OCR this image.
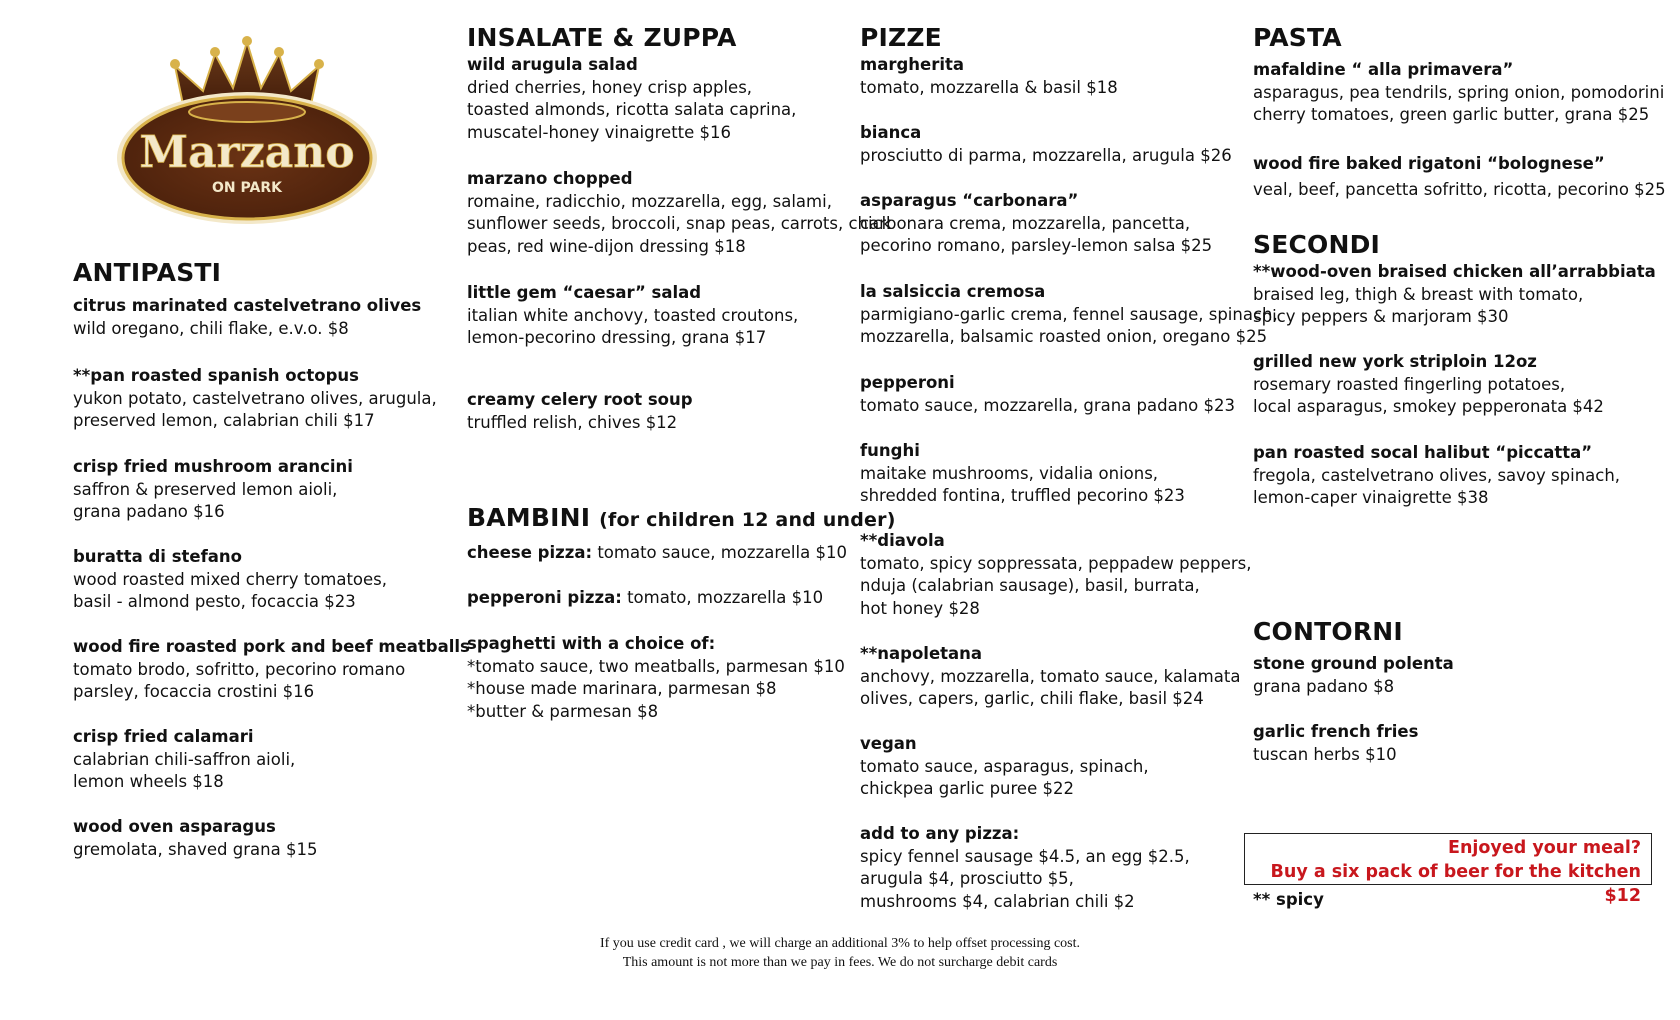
Marzano
ON PARK
ANTIPASTI
citrus marinated castelvetrano olives
wild oregano, chili flake, e.v.o. $8
**pan roasted spanish octopus
yukon potato, castelvetrano olives, arugula,
preserved lemon, calabrian chili $17
crisp fried mushroom arancini
saffron & preserved lemon aioli,
grana padano $16
buratta di stefano
wood roasted mixed cherry tomatoes,
basil - almond pesto, focaccia $23
wood fire roasted pork and beef meatballs
tomato brodo, sofritto, pecorino romano
parsley, focaccia crostini $16
crisp fried calamari
calabrian chili-saffron aioli,
lemon wheels $18
wood oven asparagus
gremolata, shaved grana $15
INSALATE & ZUPPA
wild arugula salad
dried cherries, honey crisp apples,
toasted almonds, ricotta salata caprina,
muscatel-honey vinaigrette $16
marzano chopped
romaine, radicchio, mozzarella, egg, salami,
sunflower seeds, broccoli, snap peas, carrots, chick
peas, red wine-dijon dressing $18
little gem “caesar” salad
italian white anchovy, toasted croutons,
lemon-pecorino dressing, grana $17
creamy celery root soup
truffled relish, chives $12
BAMBINI (for children 12 and under)
cheese pizza: tomato sauce, mozzarella $10
pepperoni pizza: tomato, mozzarella $10
spaghetti with a choice of:
*tomato sauce, two meatballs, parmesan $10
*house made marinara, parmesan $8
*butter & parmesan $8
PIZZE
margherita
tomato, mozzarella & basil $18
bianca
prosciutto di parma, mozzarella, arugula $26
asparagus “carbonara”
carbonara crema, mozzarella, pancetta,
pecorino romano, parsley-lemon salsa $25
la salsiccia cremosa
parmigiano-garlic crema, fennel sausage, spinach,
mozzarella, balsamic roasted onion, oregano $25
pepperoni
tomato sauce, mozzarella, grana padano $23
funghi
maitake mushrooms, vidalia onions,
shredded fontina, truffled pecorino $23
**diavola
tomato, spicy soppressata, peppadew peppers,
nduja (calabrian sausage), basil, burrata,
hot honey $28
**napoletana
anchovy, mozzarella, tomato sauce, kalamata
olives, capers, garlic, chili flake, basil $24
vegan
tomato sauce, asparagus, spinach,
chickpea garlic puree $22
add to any pizza:
spicy fennel sausage $4.5, an egg $2.5,
arugula $4, prosciutto $5,
mushrooms $4, calabrian chili $2
PASTA
mafaldine “ alla primavera”
asparagus, pea tendrils, spring onion, pomodorini
cherry tomatoes, green garlic butter, grana $25
wood fire baked rigatoni “bolognese”
veal, beef, pancetta sofritto, ricotta, pecorino $25
SECONDI
**wood-oven braised chicken all’arrabbiata
braised leg, thigh & breast with tomato,
spicy peppers & marjoram $30
grilled new york striploin 12oz
rosemary roasted fingerling potatoes,
local asparagus, smokey pepperonata $42
pan roasted socal halibut “piccatta”
fregola, castelvetrano olives, savoy spinach,
lemon-caper vinaigrette $38
CONTORNI
stone ground polenta
grana padano $8
garlic french fries
tuscan herbs $10
Enjoyed your meal?
Buy a six pack of beer for the kitchen $12
** spicy
If you use credit card , we will charge an additional 3% to help offset processing cost.
This amount is not more than we pay in fees. We do not surcharge debit cards
